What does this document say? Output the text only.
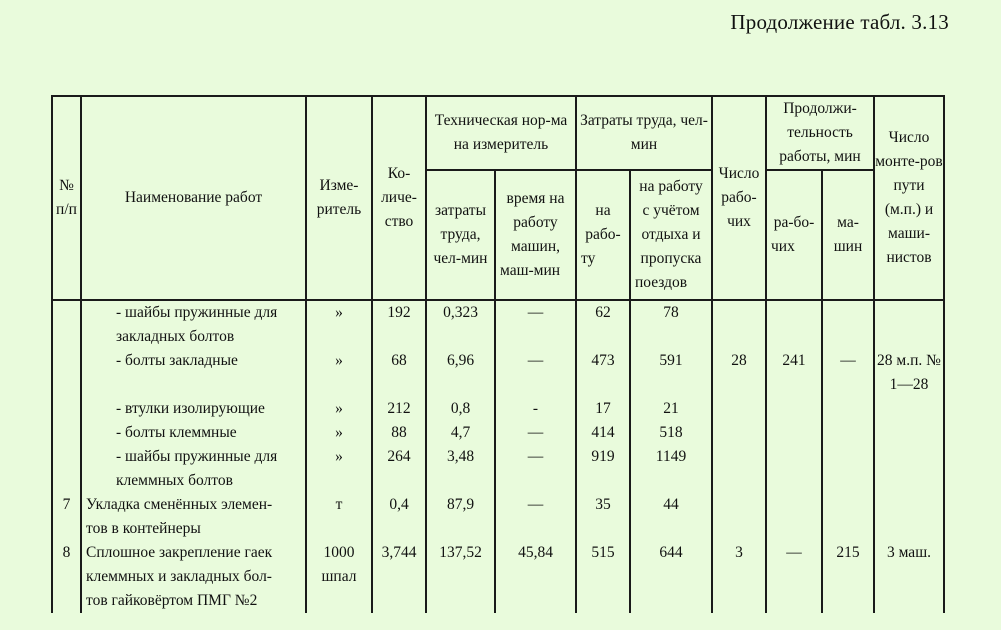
Продолжение табл. 3.13
№ п/п	Наименование работ	Изме-ритель	Ко-личе-ство	Техническая нор-ма на измеритель		Затраты труда, чел-мин		Число рабо-чих	Продолжи-тельность работы, мин		Число монте-ров пути (м.п.) и маши-нистов
				затраты труда, чел-мин	время на работу машин, маш-мин	на рабо-ту	на работу с учётом отдыха и пропуска поездов		ра-бо-чих	ма-шин	

	- шайбы пружинные для
закладных болтов	»	192	0,323	—	62	78				

	- болты закладные	»	68	6,96	—	473	591	28	241	—	28 м.п. № 1—28

	- втулки изолирующие	»	212	0,8	-	17	21				

	- болты клеммные	»	88	4,7	—	414	518				

	- шайбы пружинные для
клеммных болтов	»	264	3,48	—	919	1149				
7	Укладка сменённых элемен-
тов в контейнеры	т	0,4	87,9	—	35	44				
8	Сплошное закрепление гаек
клеммных и закладных бол-
тов гайковёртом ПМГ №2	1000 шпал	3,744	137,52	45,84	515	644	3	—	215	3 маш.
